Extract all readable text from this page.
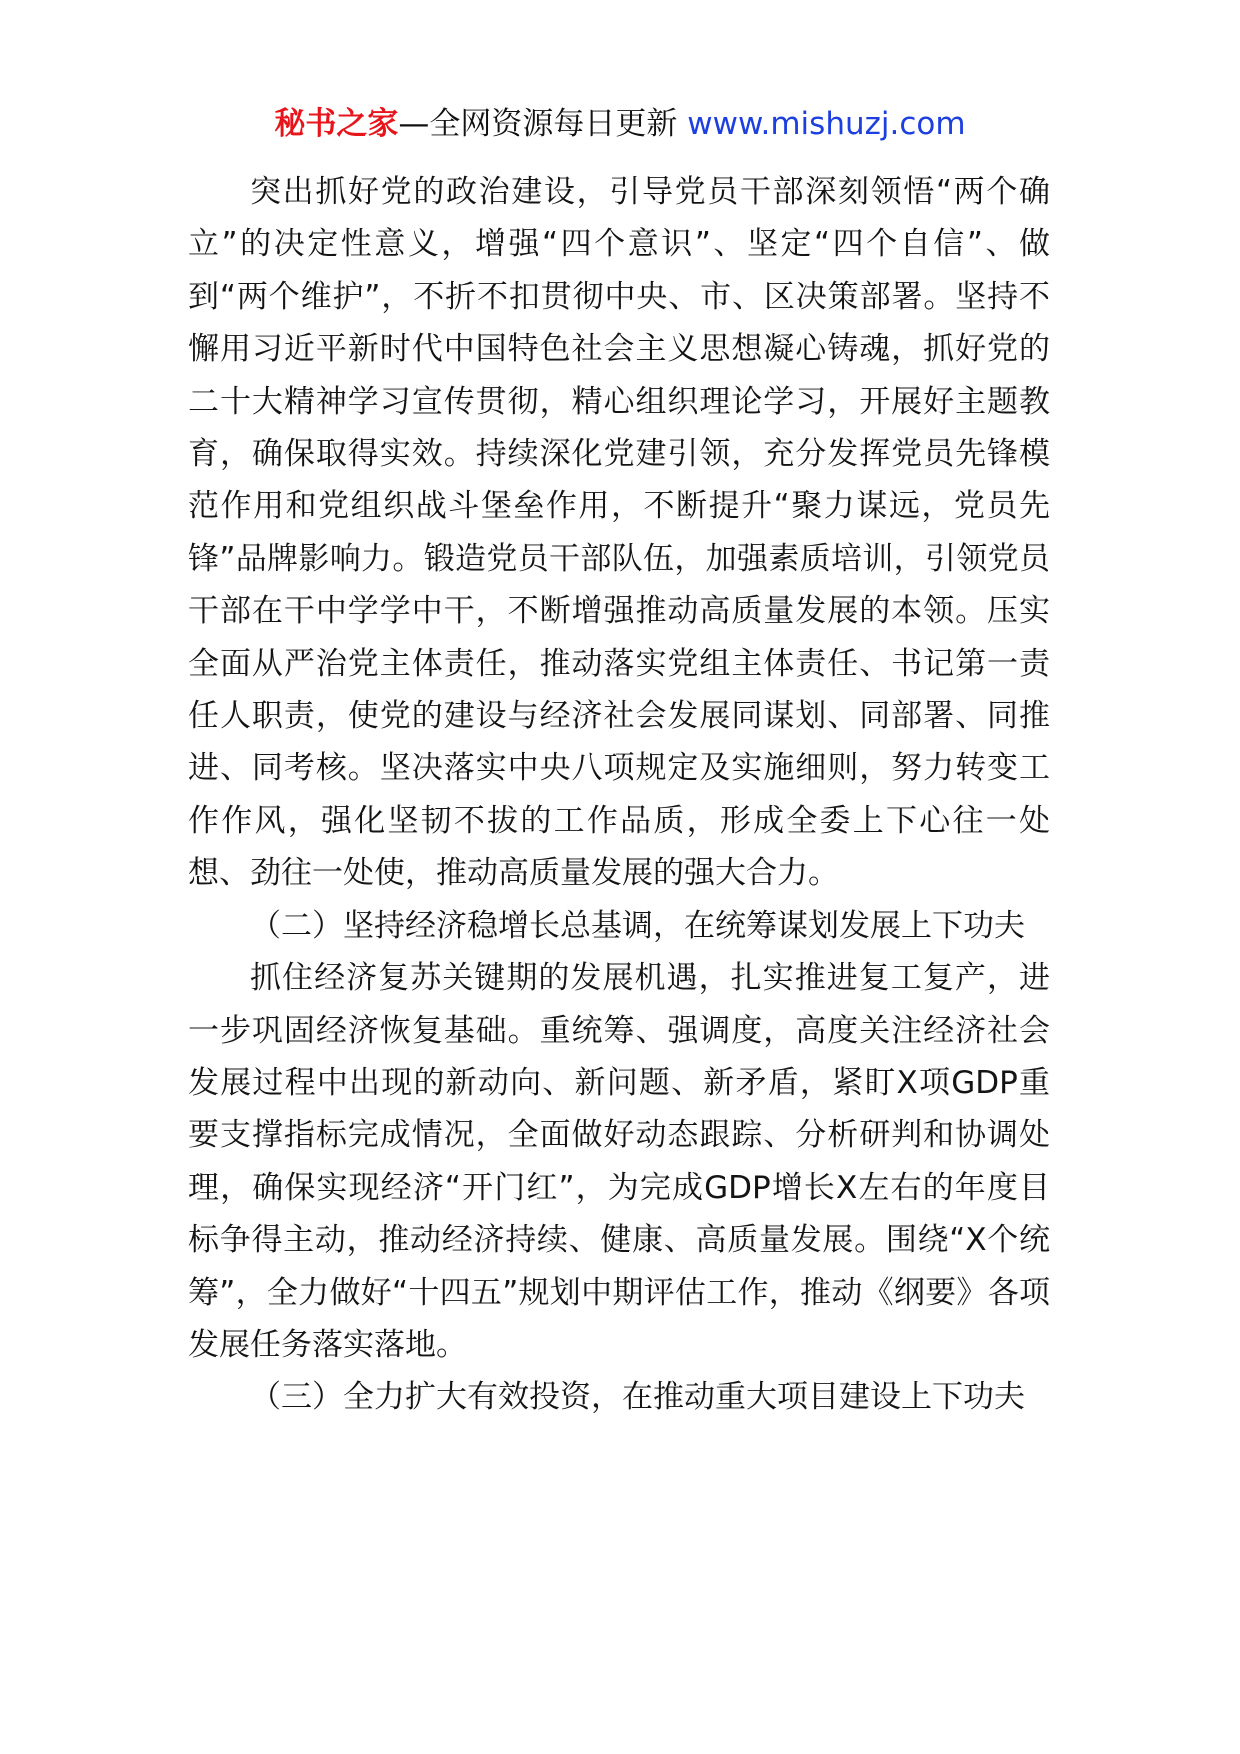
秘书之家—全网资源每日更新 www.mishuzj.com

突出抓好党的政治建设，引导党员干部深刻领悟“两个确立”的决定性意义，增强“四个意识”、坚定“四个自信”、做到“两个维护”，不折不扣贯彻中央、市、区决策部署。坚持不懈用习近平新时代中国特色社会主义思想凝心铸魂，抓好党的二十大精神学习宣传贯彻，精心组织理论学习，开展好主题教育，确保取得实效。持续深化党建引领，充分发挥党员先锋模范作用和党组织战斗堡垒作用，不断提升“聚力谋远，党员先锋”品牌影响力。锻造党员干部队伍，加强素质培训，引领党员干部在干中学学中干，不断增强推动高质量发展的本领。压实全面从严治党主体责任，推动落实党组主体责任、书记第一责任人职责，使党的建设与经济社会发展同谋划、同部署、同推进、同考核。坚决落实中央八项规定及实施细则，努力转变工作作风，强化坚韧不拔的工作品质，形成全委上下心往一处想、劲往一处使，推动高质量发展的强大合力。

（二）坚持经济稳增长总基调，在统筹谋划发展上下功夫

抓住经济复苏关键期的发展机遇，扎实推进复工复产，进一步巩固经济恢复基础。重统筹、强调度，高度关注经济社会发展过程中出现的新动向、新问题、新矛盾，紧盯X项GDP重要支撑指标完成情况，全面做好动态跟踪、分析研判和协调处理，确保实现经济“开门红”，为完成GDP增长X左右的年度目标争得主动，推动经济持续、健康、高质量发展。围绕“X个统筹”，全力做好“十四五”规划中期评估工作，推动《纲要》各项发展任务落实落地。

（三）全力扩大有效投资，在推动重大项目建设上下功夫
